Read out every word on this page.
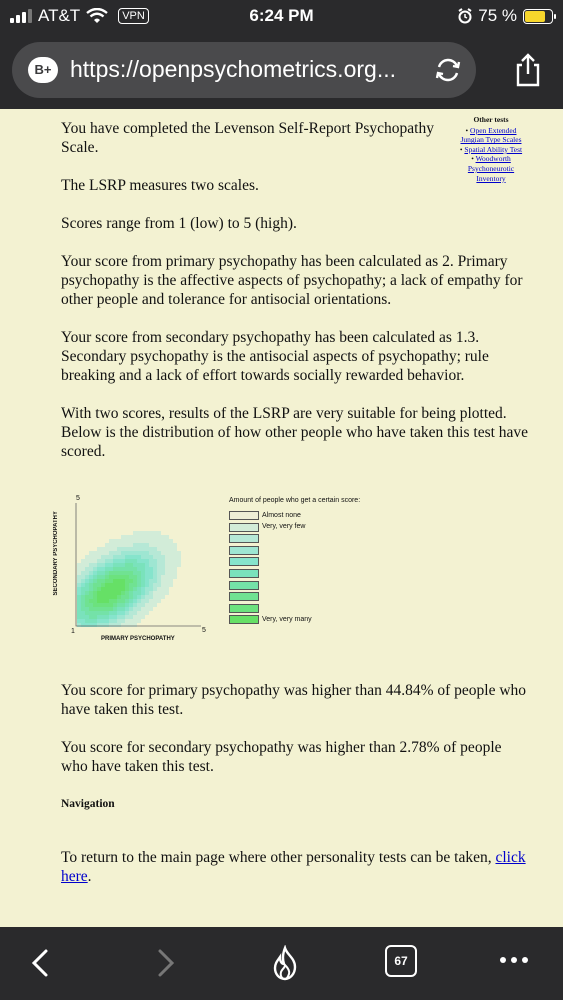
AT&T	VPN	6:24 PM	75 %
B+ https://openpsychometrics.org...

You have completed the Levenson Self-Report Psychopathy Scale.

The LSRP measures two scales.

Scores range from 1 (low) to 5 (high).

Your score from primary psychopathy has been calculated as 2. Primary psychopathy is the affective aspects of psychopathy; a lack of empathy for other people and tolerance for antisocial orientations.

Your score from secondary psychopathy has been calculated as 1.3. Secondary psychopathy is the antisocial aspects of psychopathy; rule breaking and a lack of effort towards socially rewarded behavior.

With two scores, results of the LSRP are very suitable for being plotted. Below is the distribution of how other people who have taken this test have scored.

You score for primary psychopathy was higher than 44.84% of people who have taken this test.

You score for secondary psychopathy was higher than 2.78% of people who have taken this test.

Navigation

To return to the main page where other personality tests can be taken, click here.

Other tests
• Open Extended Jungian Type Scales
• Spatial Ability Test
• Woodworth Psychoneurotic Inventory
SECONDARY PSYCHOPATHY
PRIMARY PSYCHOPATHY
5
1	5
Amount of people who get a certain score:
Almost none
Very, very few
Very, very many
67
